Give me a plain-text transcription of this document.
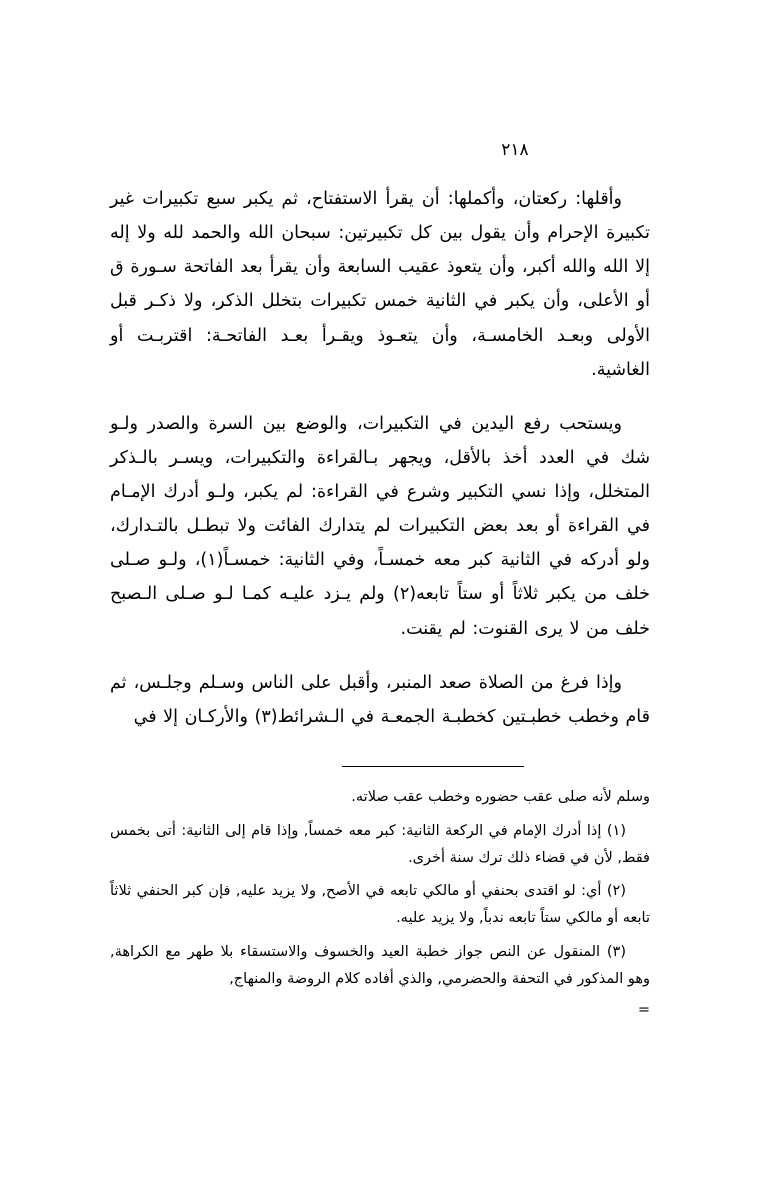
٢١٨

وأقلها: ركعتان، وأكملها: أن يقرأ الاستفتاح، ثم يكبر سبع تكبيرات غير تكبيرة الإحرام وأن يقول بين كل تكبيرتين: سبحان الله والحمد لله ولا إله إلا الله والله أكبر، وأن يتعوذ عقيب السابعة وأن يقرأ بعد الفاتحة سـورة ق أو الأعلى، وأن يكبر في الثانية خمس تكبيرات بتخلل الذكر، ولا ذكـر قبل الأولى وبعـد الخامسـة، وأن يتعـوذ ويقـرأ بعـد الفاتحـة: اقتربـت أو الغاشية.

ويستحب رفع اليدين في التكبيرات، والوضع بين السرة والصدر ولـو شك في العدد أخذ بالأقل، ويجهر بـالقراءة والتكبيرات، ويسـر بالـذكر المتخلل، وإذا نسي التكبير وشرع في القراءة: لم يكبر، ولـو أدرك الإمـام في القراءة أو بعد بعض التكبيرات لم يتدارك الفائت ولا تبطـل بالتـدارك، ولو أدركه في الثانية كبر معه خمسـاً، وفي الثانية: خمسـاً(١)، ولـو صـلى خلف من يكبر ثلاثاً أو ستاً تابعه(٢) ولم يـزد عليـه كمـا لـو صـلى الـصبح خلف من لا يرى القنوت: لم يقنت.

وإذا فرغ من الصلاة صعد المنبر، وأقبل على الناس وسـلم وجلـس، ثم قام وخطب خطبـتين كخطبـة الجمعـة في الـشرائط(٣) والأركـان إلا في

وسلم لأنه صلى عقب حضوره وخطب عقب صلاته.

(١) إذا أدرك الإمام في الركعة الثانية: كبر معه خمساً, وإذا قام إلى الثانية: أتى بخمس فقط, لأن في قضاء ذلك ترك سنة أخرى.

(٢) أي: لو اقتدى بحنفي أو مالكي تابعه في الأصح, ولا يزيد عليه, فإن كبر الحنفي ثلاثاً تابعه أو مالكي ستاً تابعه ندباً, ولا يزيد عليه.

(٣) المنقول عن النص جواز خطبة العيد والخسوف والاستسقاء بلا طهر مع الكراهة, وهو المذكور في التحفة والحضرمي, والذي أفاده كلام الروضة والمنهاج,

=
